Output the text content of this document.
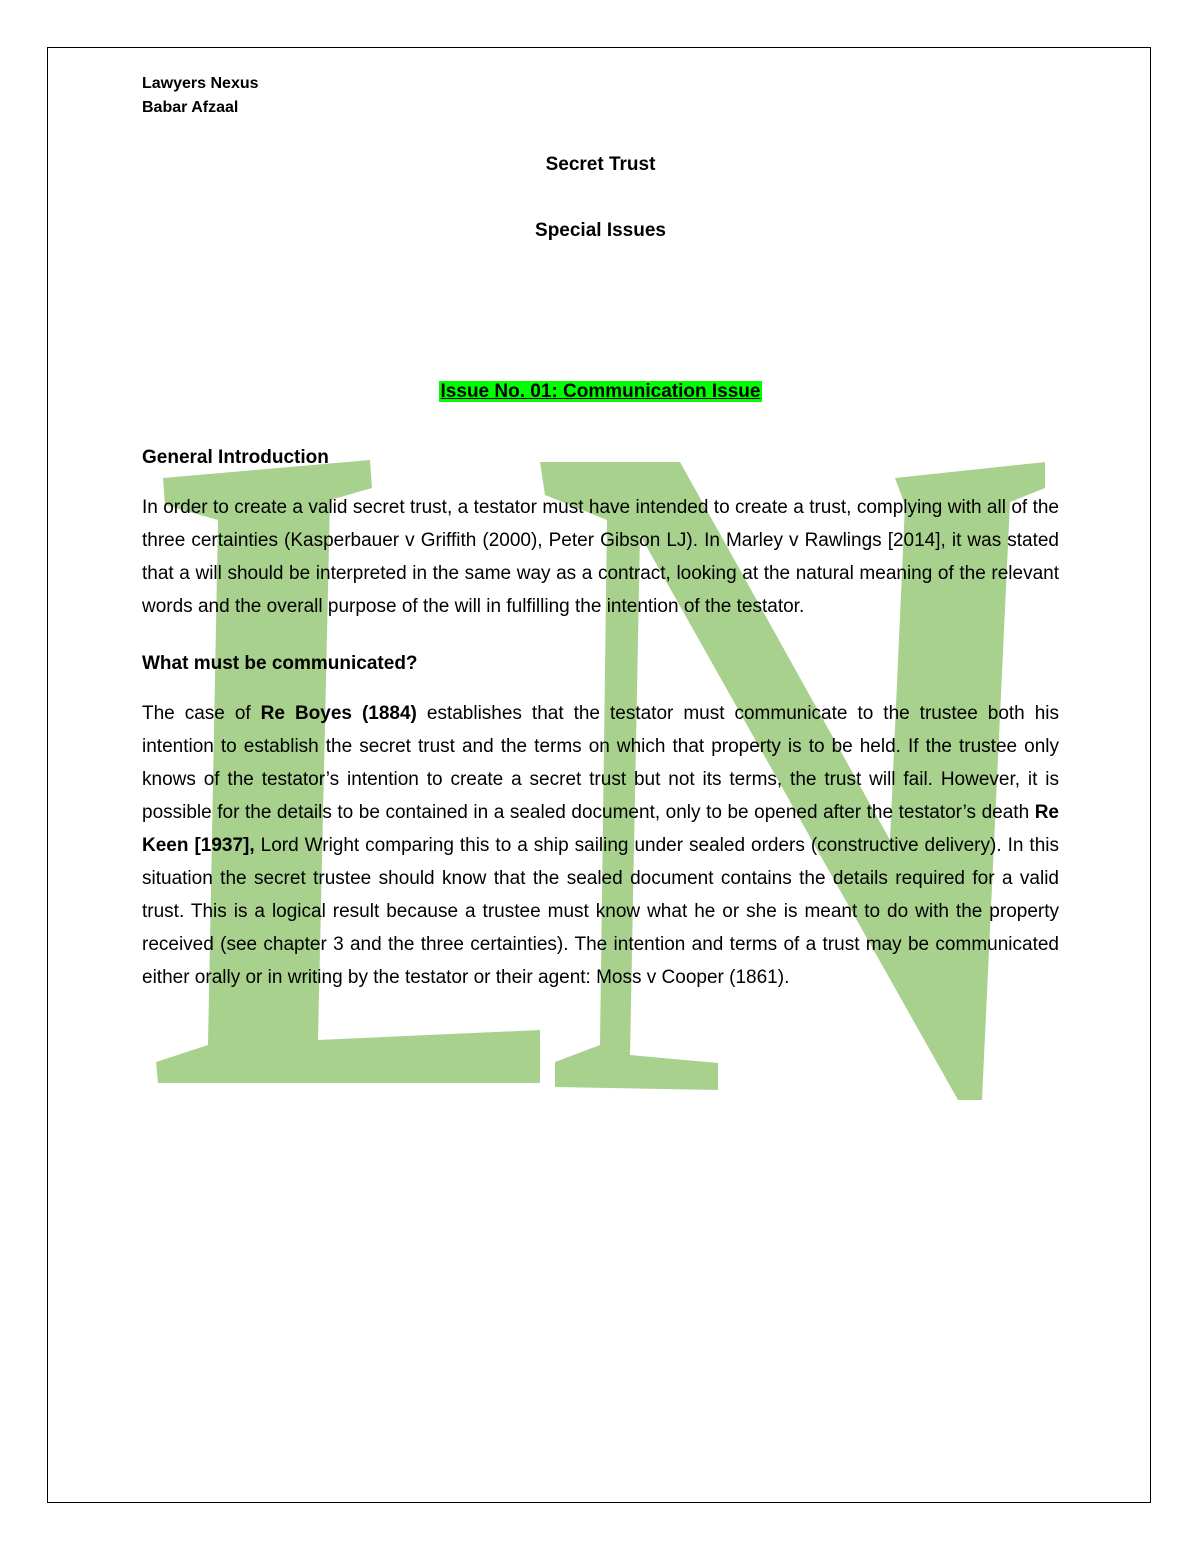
Lawyers Nexus
Babar Afzaal
Secret Trust
Special Issues
Issue No. 01: Communication Issue
General Introduction
In order to create a valid secret trust, a testator must have intended to create a trust, complying with all of the three certainties (Kasperbauer v Griffith (2000), Peter Gibson LJ). In Marley v Rawlings [2014], it was stated that a will should be interpreted in the same way as a contract, looking at the natural meaning of the relevant words and the overall purpose of the will in fulfilling the intention of the testator.
What must be communicated?
The case of Re Boyes (1884) establishes that the testator must communicate to the trustee both his intention to establish the secret trust and the terms on which that property is to be held. If the trustee only knows of the testator’s intention to create a secret trust but not its terms, the trust will fail. However, it is possible for the details to be contained in a sealed document, only to be opened after the testator’s death Re Keen [1937], Lord Wright comparing this to a ship sailing under sealed orders (constructive delivery). In this situation the secret trustee should know that the sealed document contains the details required for a valid trust. This is a logical result because a trustee must know what he or she is meant to do with the property received (see chapter 3 and the three certainties). The intention and terms of a trust may be communicated either orally or in writing by the testator or their agent: Moss v Cooper (1861).
